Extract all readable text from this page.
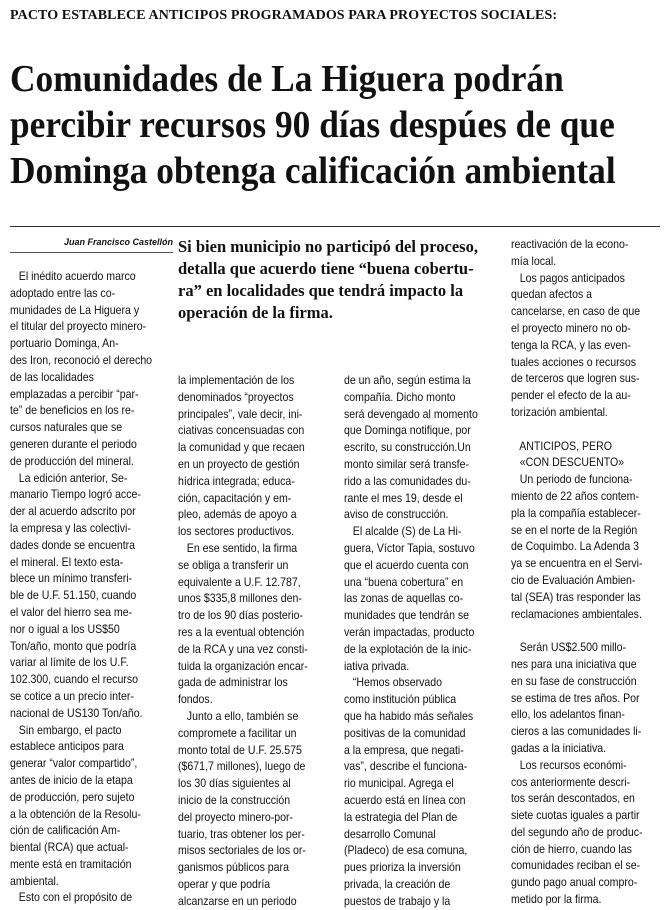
PACTO ESTABLECE ANTICIPOS PROGRAMADOS PARA PROYECTOS SOCIALES:
Comunidades de La Higuera podrán
percibir recursos 90 días despúes de que
Dominga obtenga calificación ambiental
Juan Francisco Castellón Si bien municipio no participó del proceso,
detalla que acuerdo tiene “buena cobertu-
ra” en localidades que tendrá impacto la
operación de la firma.
El inédito acuerdo marco
adoptado entre las co-
munidades de La Higuera y
el titular del proyecto minero-
portuario Dominga, An-
des Iron, reconoció el derecho
de las localidades
emplazadas a percibir “par-
te” de beneficios en los re-
cursos naturales que se
generen durante el periodo
de producción del mineral.
La edición anterior, Se-
manario Tiempo logró acce-
der al acuerdo adscrito por
la empresa y las colectivi-
dades donde se encuentra
el mineral. El texto esta-
blece un mínimo transferi-
ble de U.F. 51.150, cuando
el valor del hierro sea me-
nor o igual a los US$50
Ton/año, monto que podría
variar al límite de los U.F.
102.300, cuando el recurso
se cotice a un precio inter-
nacional de US130 Ton/año.
Sin embargo, el pacto
establece anticipos para
generar “valor compartido”,
antes de inicio de la etapa
de producción, pero sujeto
a la obtención de la Resolu-
ción de calificación Am-
biental (RCA) que actual-
mente está en tramitación
ambiental.
Esto con el propósito de
la implementación de los
denominados “proyectos
principales”, vale decir, ini-
ciativas concensuadas con
la comunidad y que recaen
en un proyecto de gestión
hídrica integrada; educa-
ción, capacitación y em-
pleo, además de apoyo a
los sectores productivos.
En ese sentido, la firma
se obliga a transferir un
equivalente a U.F. 12.787,
unos $335,8 millones den-
tro de los 90 días posterio-
res a la eventual obtención
de la RCA y una vez consti-
tuida la organización encar-
gada de administrar los
fondos.
Junto a ello, también se
compromete a facilitar un
monto total de U.F. 25.575
($671,7 millones), luego de
los 30 días siguientes al
inicio de la construcción
del proyecto minero-por-
tuario, tras obtener los per-
misos sectoriales de los or-
ganismos públicos para
operar y que podría
alcanzarse en un periodo
de un año, según estima la
compañía. Dicho monto
será devengado al momento
que Dominga notifique, por
escrito, su construcción.Un
monto similar será transfe-
rido a las comunidades du-
rante el mes 19, desde el
aviso de construcción.
El alcalde (S) de La Hi-
guera, Víctor Tapia, sostuvo
que el acuerdo cuenta con
una “buena cobertura” en
las zonas de aquellas co-
munidades que tendrán se
verán impactadas, producto
de la explotación de la inic-
iativa privada.
“Hemos observado
como institución pública
que ha habido más señales
positivas de la comunidad
a la empresa, que negati-
vas”, describe el funciona-
rio municipal. Agrega el
acuerdo está en línea con
la estrategia del Plan de
desarrollo Comunal
(Pladeco) de esa comuna,
pues prioriza la inversión
privada, la creación de
puestos de trabajo y la
reactivación de la econo-
mía local.
Los pagos anticipados
quedan afectos a
cancelarse, en caso de que
el proyecto minero no ob-
tenga la RCA, y las even-
tuales acciones o recursos
de terceros que logren sus-
pender el efecto de la au-
torización ambiental.

ANTICIPOS, PERO
«CON DESCUENTO»
Un periodo de funciona-
miento de 22 años contem-
pla la compañía establecer-
se en el norte de la Región
de Coquimbo. La Adenda 3
ya se encuentra en el Servi-
cio de Evaluación Ambien-
tal (SEA) tras responder las
reclamaciones ambientales.

Serán US$2.500 millo-
nes para una iniciativa que
en su fase de construcción
se estima de tres años. Por
ello, los adelantos finan-
cieros a las comunidades li-
gadas a la iniciativa.
Los recursos económi-
cos anteriormente descri-
tos serán descontados, en
siete cuotas iguales a partir
del segundo año de produc-
ción de hierro, cuando las
comunidades reciban el se-
gundo pago anual compro-
metido por la firma.
